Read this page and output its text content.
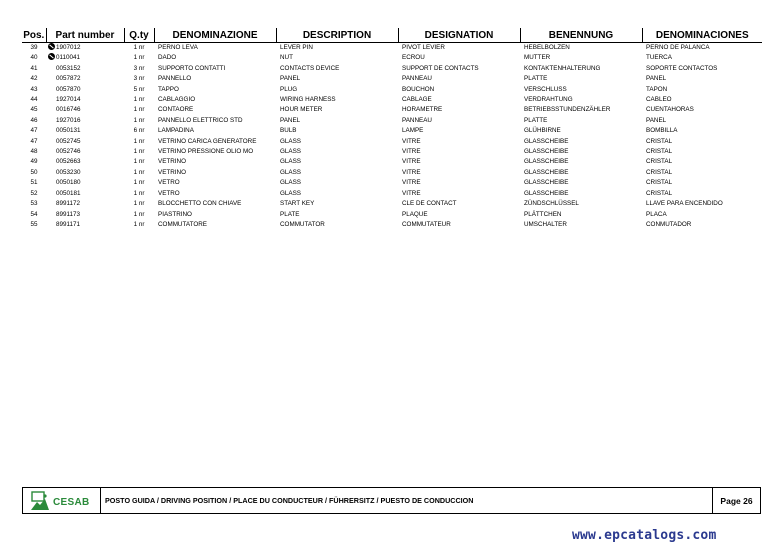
Pos.	Part number	Q.ty	DENOMINAZIONE	DESCRIPTION	DESIGNATION	BENENNUNG	DENOMINACIONES
39	1907012	1 nr	PERNO LEVA	LEVER PIN	PIVOT LEVIER	HEBELBOLZEN	PERNO DE PALANCA
40	0110041	1 nr	DADO	NUT	ECROU	MUTTER	TUERCA
41	0053152	3 nr	SUPPORTO CONTATTI	CONTACTS DEVICE	SUPPORT DE CONTACTS	KONTAKTENHALTERUNG	SOPORTE CONTACTOS
42	0057872	3 nr	PANNELLO	PANEL	PANNEAU	PLATTE	PANEL
43	0057870	5 nr	TAPPO	PLUG	BOUCHON	VERSCHLUSS	TAPON
44	1927014	1 nr	CABLAGGIO	WIRING HARNESS	CABLAGE	VERDRAHTUNG	CABLEO
45	0016746	1 nr	CONTAORE	HOUR METER	HORAMETRE	BETRIEBSSTUNDENZÄHLER	CUENTAHORAS
46	1927016	1 nr	PANNELLO ELETTRICO STD	PANEL	PANNEAU	PLATTE	PANEL
47	0050131	6 nr	LAMPADINA	BULB	LAMPE	GLÜHBIRNE	BOMBILLA
47	0052745	1 nr	VETRINO CARICA GENERATORE	GLASS	VITRE	GLASSCHEIBE	CRISTAL
48	0052746	1 nr	VETRINO PRESSIONE OLIO MO	GLASS	VITRE	GLASSCHEIBE	CRISTAL
49	0052663	1 nr	VETRINO	GLASS	VITRE	GLASSCHEIBE	CRISTAL
50	0053230	1 nr	VETRINO	GLASS	VITRE	GLASSCHEIBE	CRISTAL
51	0050180	1 nr	VETRO	GLASS	VITRE	GLASSCHEIBE	CRISTAL
52	0050181	1 nr	VETRO	GLASS	VITRE	GLASSCHEIBE	CRISTAL
53	8991172	1 nr	BLOCCHETTO CON CHIAVE	START KEY	CLE DE CONTACT	ZÜNDSCHLÜSSEL	LLAVE PARA ENCENDIDO
54	8991173	1 nr	PIASTRINO	PLATE	PLAQUE	PLÄTTCHEN	PLACA
55	8991171	1 nr	COMMUTATORE	COMMUTATOR	COMMUTATEUR	UMSCHALTER	CONMUTADOR
CESAB	POSTO GUIDA / DRIVING POSITION / PLACE DU CONDUCTEUR / FÜHRERSITZ / PUESTO DE CONDUCCION	Page 26
www.epcatalogs.com
